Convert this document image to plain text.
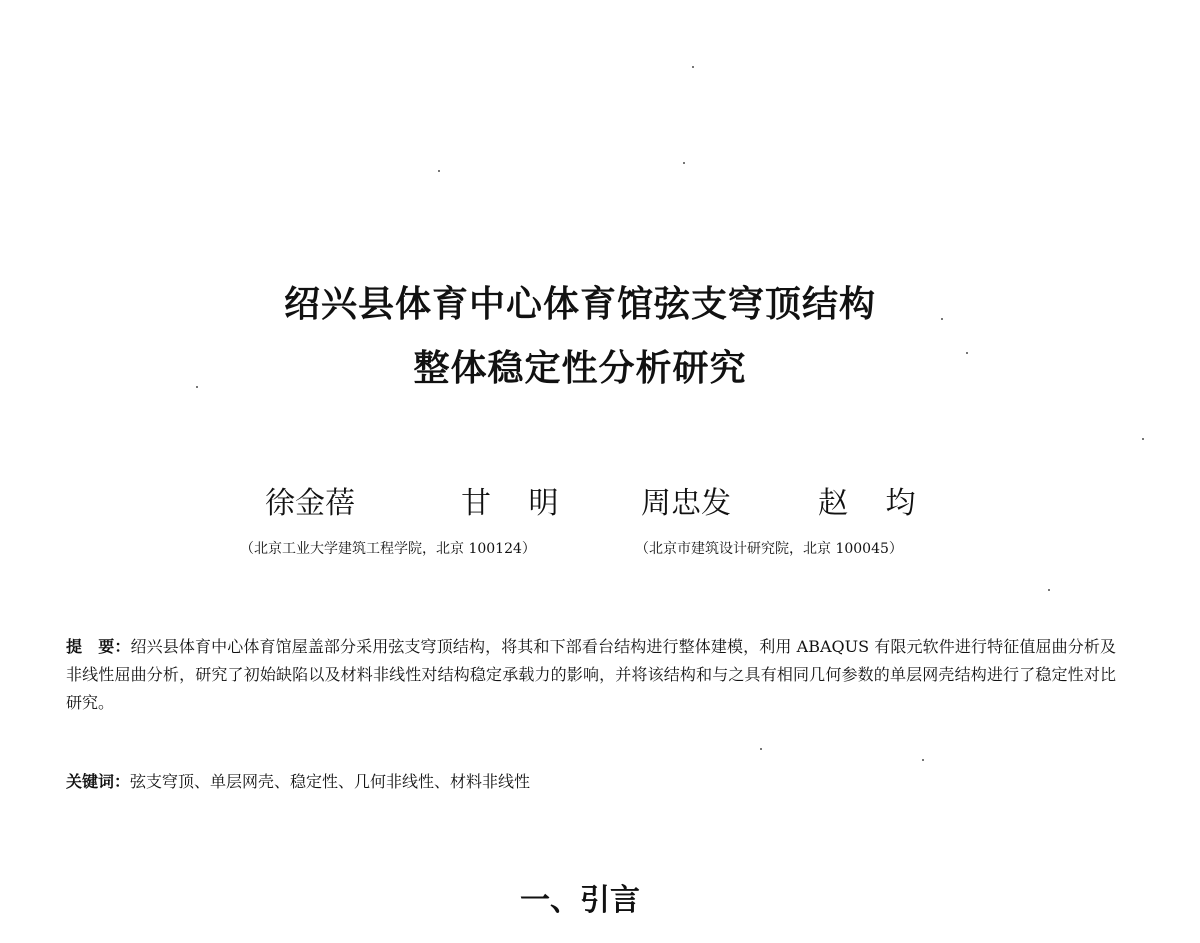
绍兴县体育中心体育馆弦支穹顶结构
整体稳定性分析研究
徐金蓓	甘 明 周忠发	赵 均
（北京工业大学建筑工程学院，北京 100124）	（北京市建筑设计研究院，北京 100045）

提　要：绍兴县体育中心体育馆屋盖部分采用弦支穹顶结构，将其和下部看台结构进行整体建模，利用 ABAQUS 有限元软件进行特征值屈曲分析及非线性屈曲分析，研究了初始缺陷以及材料非线性对结构稳定承载力的影响，并将该结构和与之具有相同几何参数的单层网壳结构进行了稳定性对比研究。

关键词：弦支穹顶、单层网壳、稳定性、几何非线性、材料非线性
一、引言
